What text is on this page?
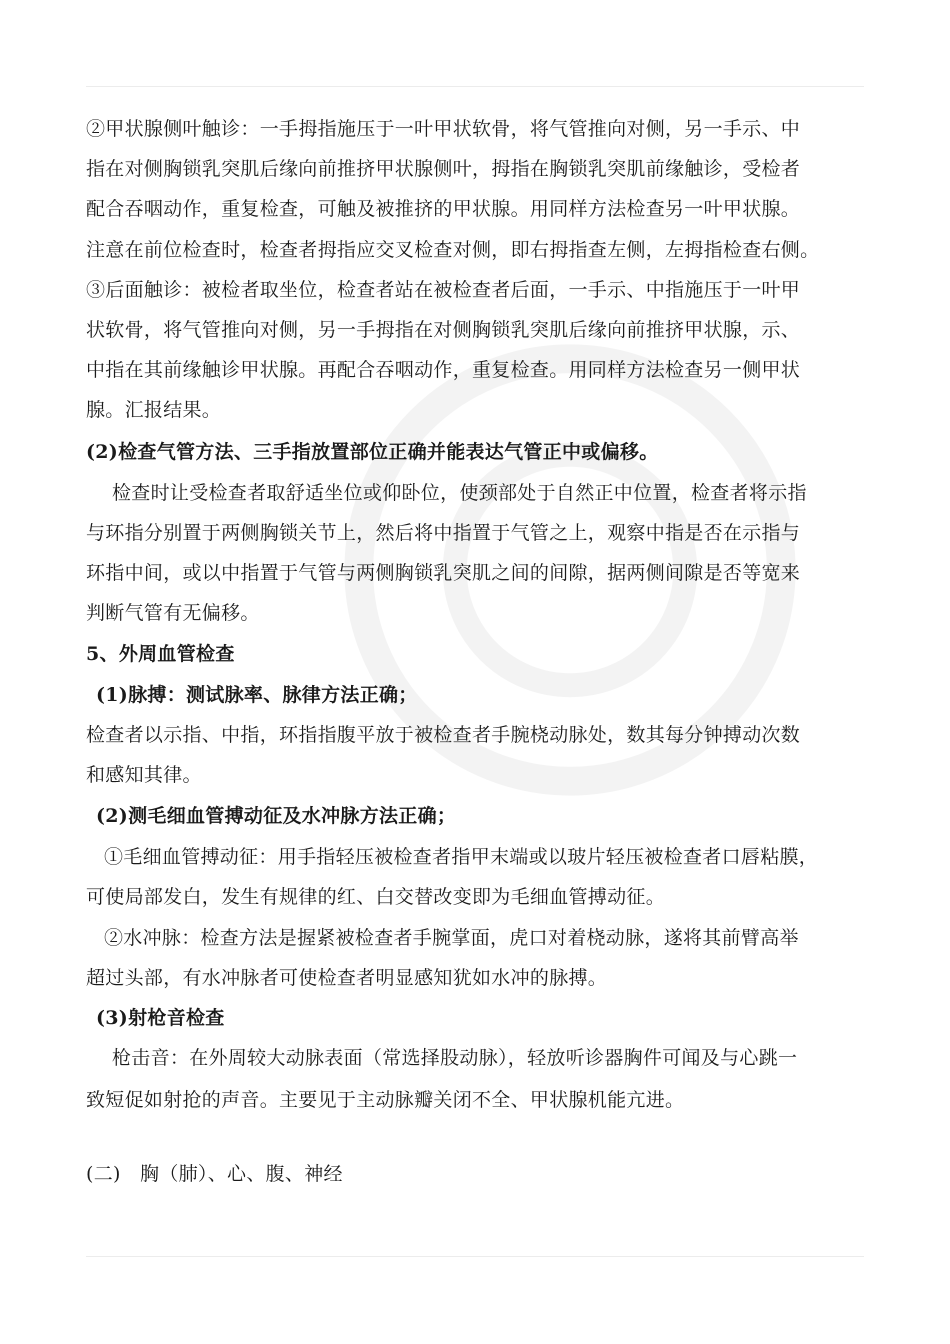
②甲状腺侧叶触诊：一手拇指施压于一叶甲状软骨，将气管推向对侧，另一手示、中
指在对侧胸锁乳突肌后缘向前推挤甲状腺侧叶，拇指在胸锁乳突肌前缘触诊，受检者
配合吞咽动作，重复检查，可触及被推挤的甲状腺。用同样方法检查另一叶甲状腺。
注意在前位检查时，检查者拇指应交叉检查对侧，即右拇指查左侧，左拇指检查右侧。
③后面触诊：被检者取坐位，检查者站在被检查者后面，一手示、中指施压于一叶甲
状软骨，将气管推向对侧，另一手拇指在对侧胸锁乳突肌后缘向前推挤甲状腺，示、
中指在其前缘触诊甲状腺。再配合吞咽动作，重复检查。用同样方法检查另一侧甲状
腺。汇报结果。
(2)检查气管方法、三手指放置部位正确并能表达气管正中或偏移。
检查时让受检查者取舒适坐位或仰卧位，使颈部处于自然正中位置，检查者将示指
与环指分别置于两侧胸锁关节上，然后将中指置于气管之上，观察中指是否在示指与
环指中间，或以中指置于气管与两侧胸锁乳突肌之间的间隙，据两侧间隙是否等宽来
判断气管有无偏移。
5、外周血管检查
(1)脉搏：测试脉率、脉律方法正确；
检查者以示指、中指，环指指腹平放于被检查者手腕桡动脉处，数其每分钟搏动次数
和感知其律。
(2)测毛细血管搏动征及水冲脉方法正确；
①毛细血管搏动征：用手指轻压被检查者指甲末端或以玻片轻压被检查者口唇粘膜，
可使局部发白，发生有规律的红、白交替改变即为毛细血管搏动征。
②水冲脉：检查方法是握紧被检查者手腕掌面，虎口对着桡动脉，遂将其前臂高举
超过头部，有水冲脉者可使检查者明显感知犹如水冲的脉搏。
(3)射枪音检查
枪击音：在外周较大动脉表面（常选择股动脉），轻放听诊器胸件可闻及与心跳一
致短促如射抢的声音。主要见于主动脉瓣关闭不全、甲状腺机能亢进。
(二)　胸（肺）、心、腹、神经
